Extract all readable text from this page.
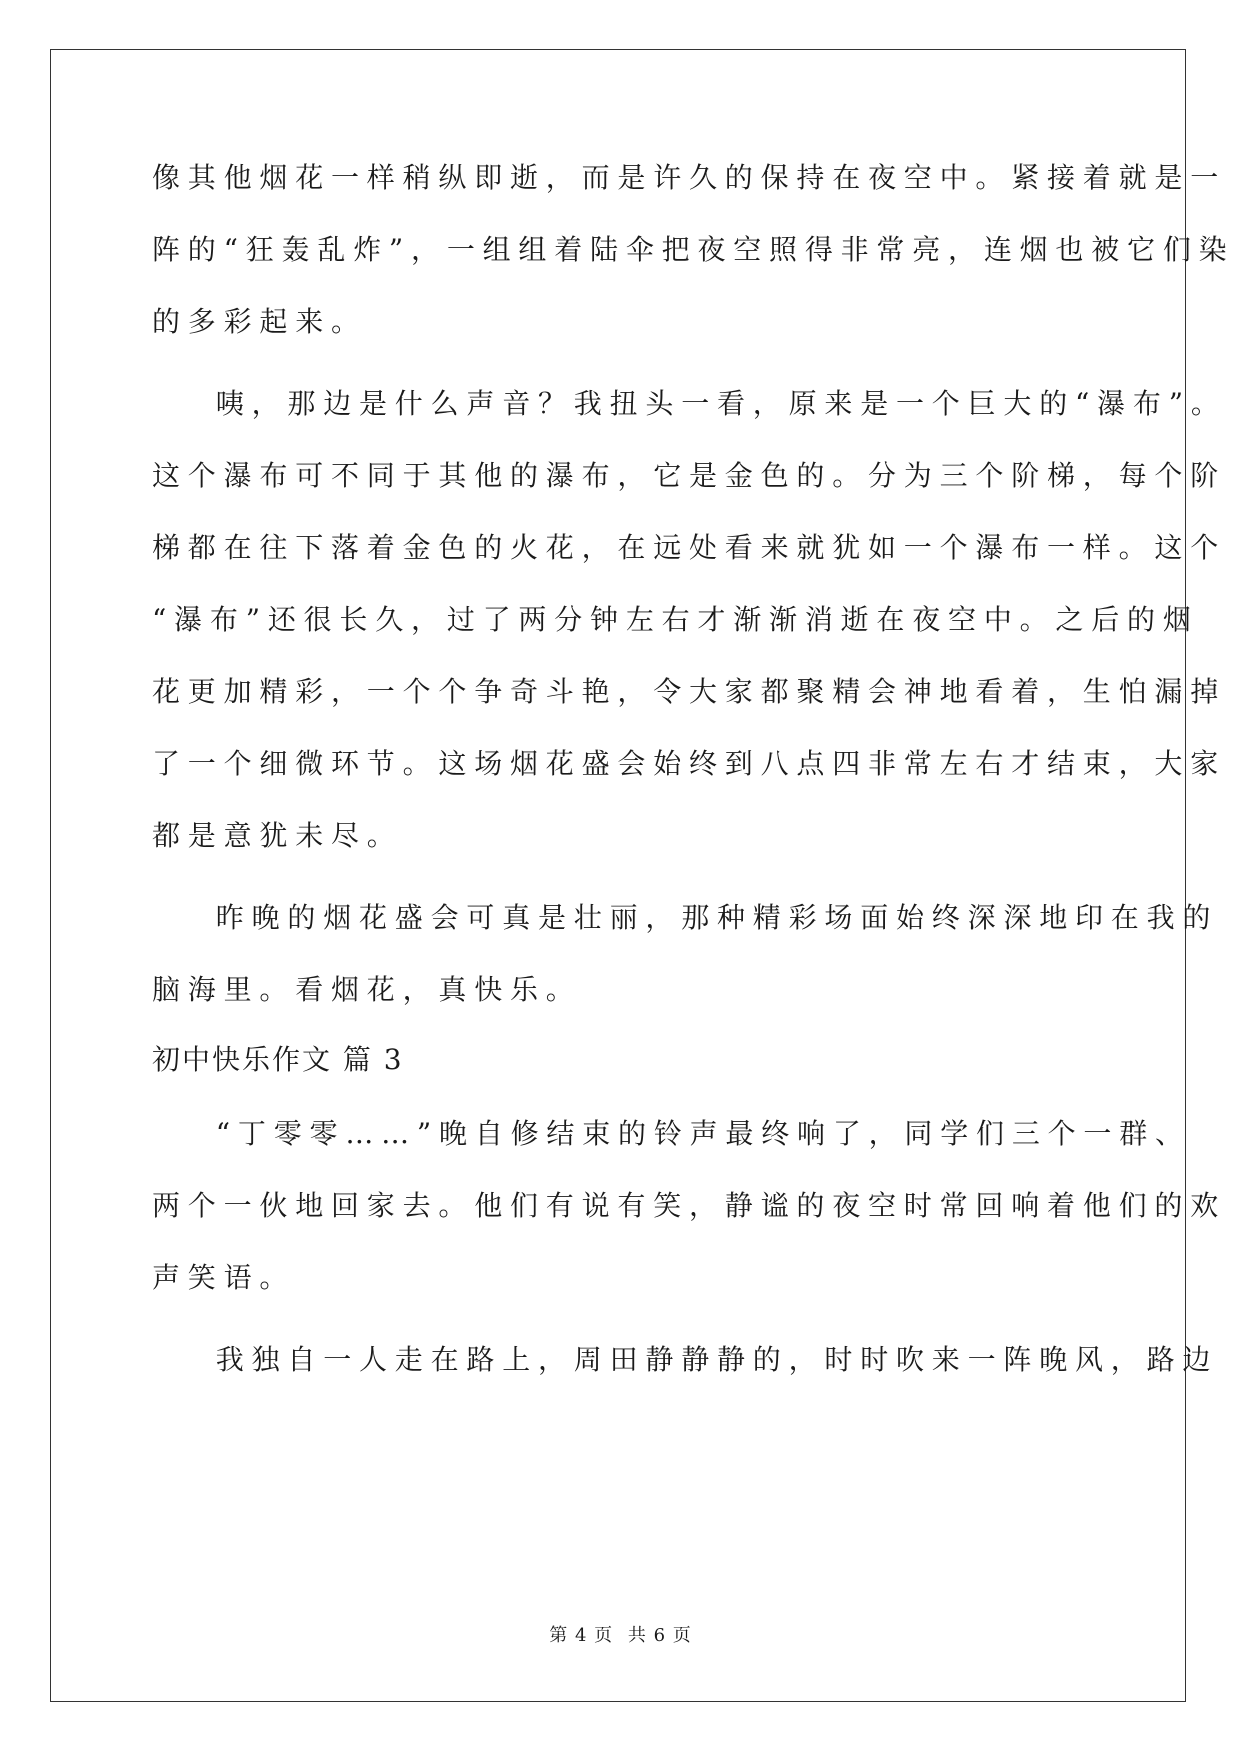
像其他烟花一样稍纵即逝，而是许久的保持在夜空中。紧接着就是一
阵的“狂轰乱炸”，一组组着陆伞把夜空照得非常亮，连烟也被它们染
的多彩起来。
　咦，那边是什么声音？我扭头一看，原来是一个巨大的“瀑布”。
这个瀑布可不同于其他的瀑布，它是金色的。分为三个阶梯，每个阶
梯都在往下落着金色的火花，在远处看来就犹如一个瀑布一样。这个
“瀑布”还很长久，过了两分钟左右才渐渐消逝在夜空中。之后的烟
花更加精彩，一个个争奇斗艳，令大家都聚精会神地看着，生怕漏掉
了一个细微环节。这场烟花盛会始终到八点四非常左右才结束，大家
都是意犹未尽。
　昨晚的烟花盛会可真是壮丽，那种精彩场面始终深深地印在我的
脑海里。看烟花，真快乐。
初中快乐作文 篇 3
　“丁零零……”晚自修结束的铃声最终响了，同学们三个一群、
两个一伙地回家去。他们有说有笑，静谧的夜空时常回响着他们的欢
声笑语。
　我独自一人走在路上，周田静静静的，时时吹来一阵晚风，路边
第 4 页 共 6 页
